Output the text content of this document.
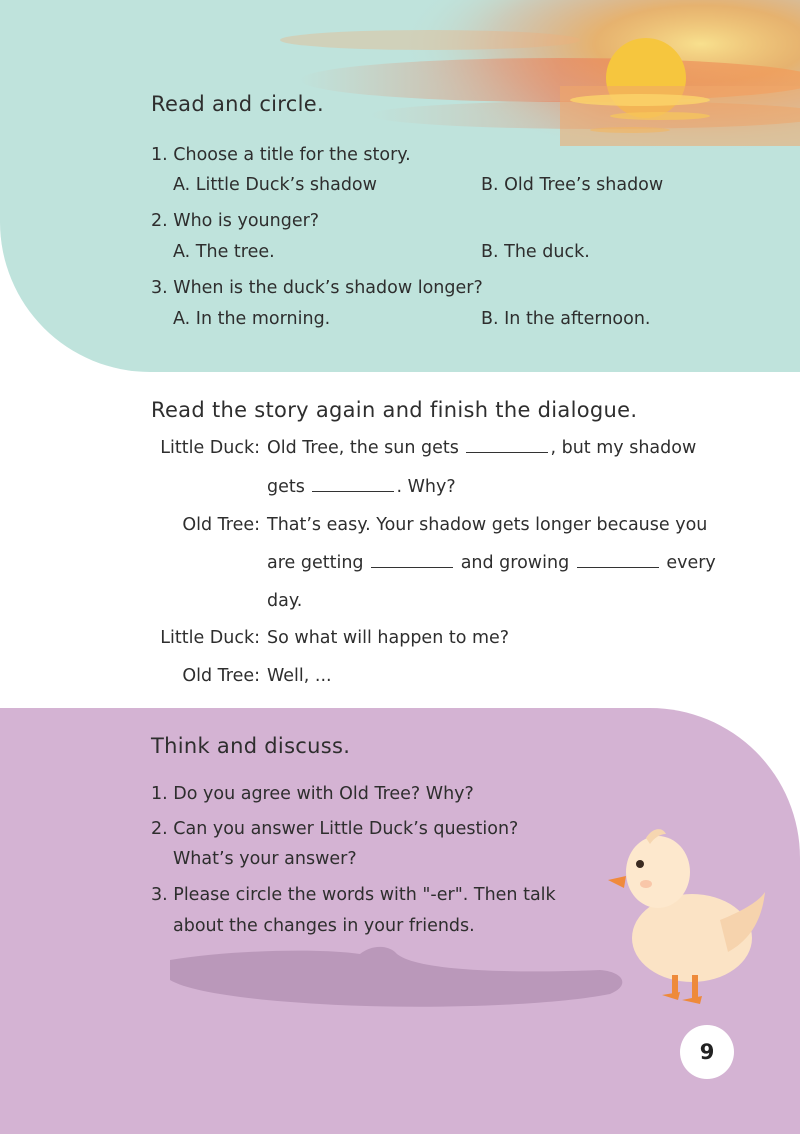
Read and circle.
1. Choose a title for the story.
A. Little Duck’s shadow	B. Old Tree’s shadow
2. Who is younger?
A. The tree.	B. The duck.
3. When is the duck’s shadow longer?
A. In the morning.	B. In the afternoon.
Read the story again and finish the dialogue.
Little Duck: Old Tree, the sun gets	, but my shadow
gets	. Why?
Old Tree: That’s easy. Your shadow gets longer because you
are getting	and growing	every
day.
Little Duck: So what will happen to me?
Old Tree: Well, ...
Think and discuss.
1. Do you agree with Old Tree? Why?
2. Can you answer Little Duck’s question?
What’s your answer?
3. Please circle the words with "-er". Then talk
about the changes in your friends.
9
